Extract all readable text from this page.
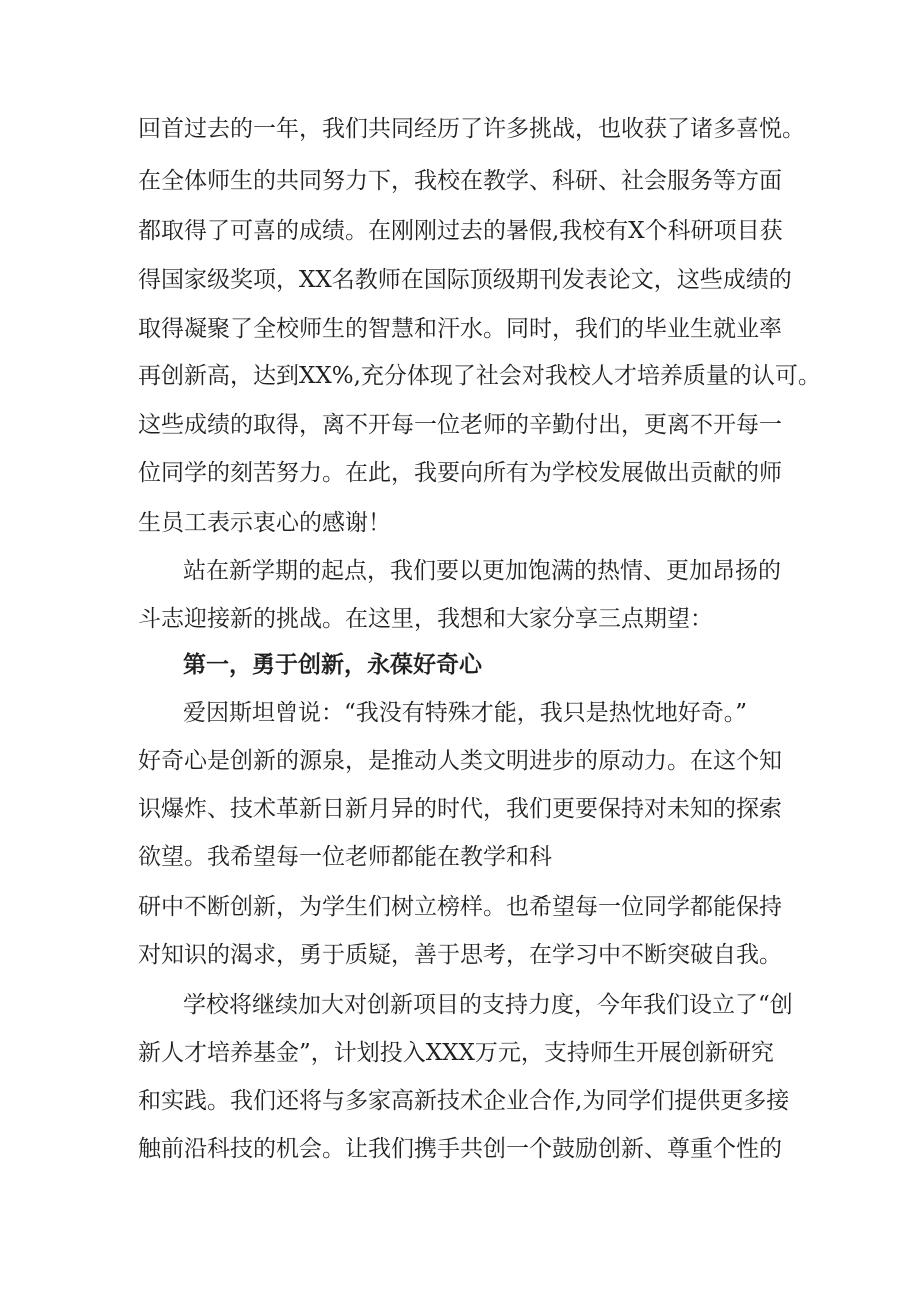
回首过去的一年，我们共同经历了许多挑战，也收获了诸多喜悦。
在全体师生的共同努力下，我校在教学、科研、社会服务等方面
都取得了可喜的成绩。在刚刚过去的暑假,我校有X个科研项目获
得国家级奖项，XX名教师在国际顶级期刊发表论文，这些成绩的
取得凝聚了全校师生的智慧和汗水。同时，我们的毕业生就业率
再创新高，达到XX%,充分体现了社会对我校人才培养质量的认可。
这些成绩的取得，离不开每一位老师的辛勤付出，更离不开每一
位同学的刻苦努力。在此，我要向所有为学校发展做出贡献的师
生员工表示衷心的感谢！
站在新学期的起点，我们要以更加饱满的热情、更加昂扬的
斗志迎接新的挑战。在这里，我想和大家分享三点期望：
第一，勇于创新，永葆好奇心
爱因斯坦曾说：“我没有特殊才能，我只是热忱地好奇。”
好奇心是创新的源泉，是推动人类文明进步的原动力。在这个知
识爆炸、技术革新日新月异的时代，我们更要保持对未知的探索
欲望。我希望每一位老师都能在教学和科
研中不断创新，为学生们树立榜样。也希望每一位同学都能保持
对知识的渴求，勇于质疑，善于思考，在学习中不断突破自我。
学校将继续加大对创新项目的支持力度，今年我们设立了“创
新人才培养基金”，计划投入XXX万元，支持师生开展创新研究
和实践。我们还将与多家高新技术企业合作,为同学们提供更多接
触前沿科技的机会。让我们携手共创一个鼓励创新、尊重个性的
